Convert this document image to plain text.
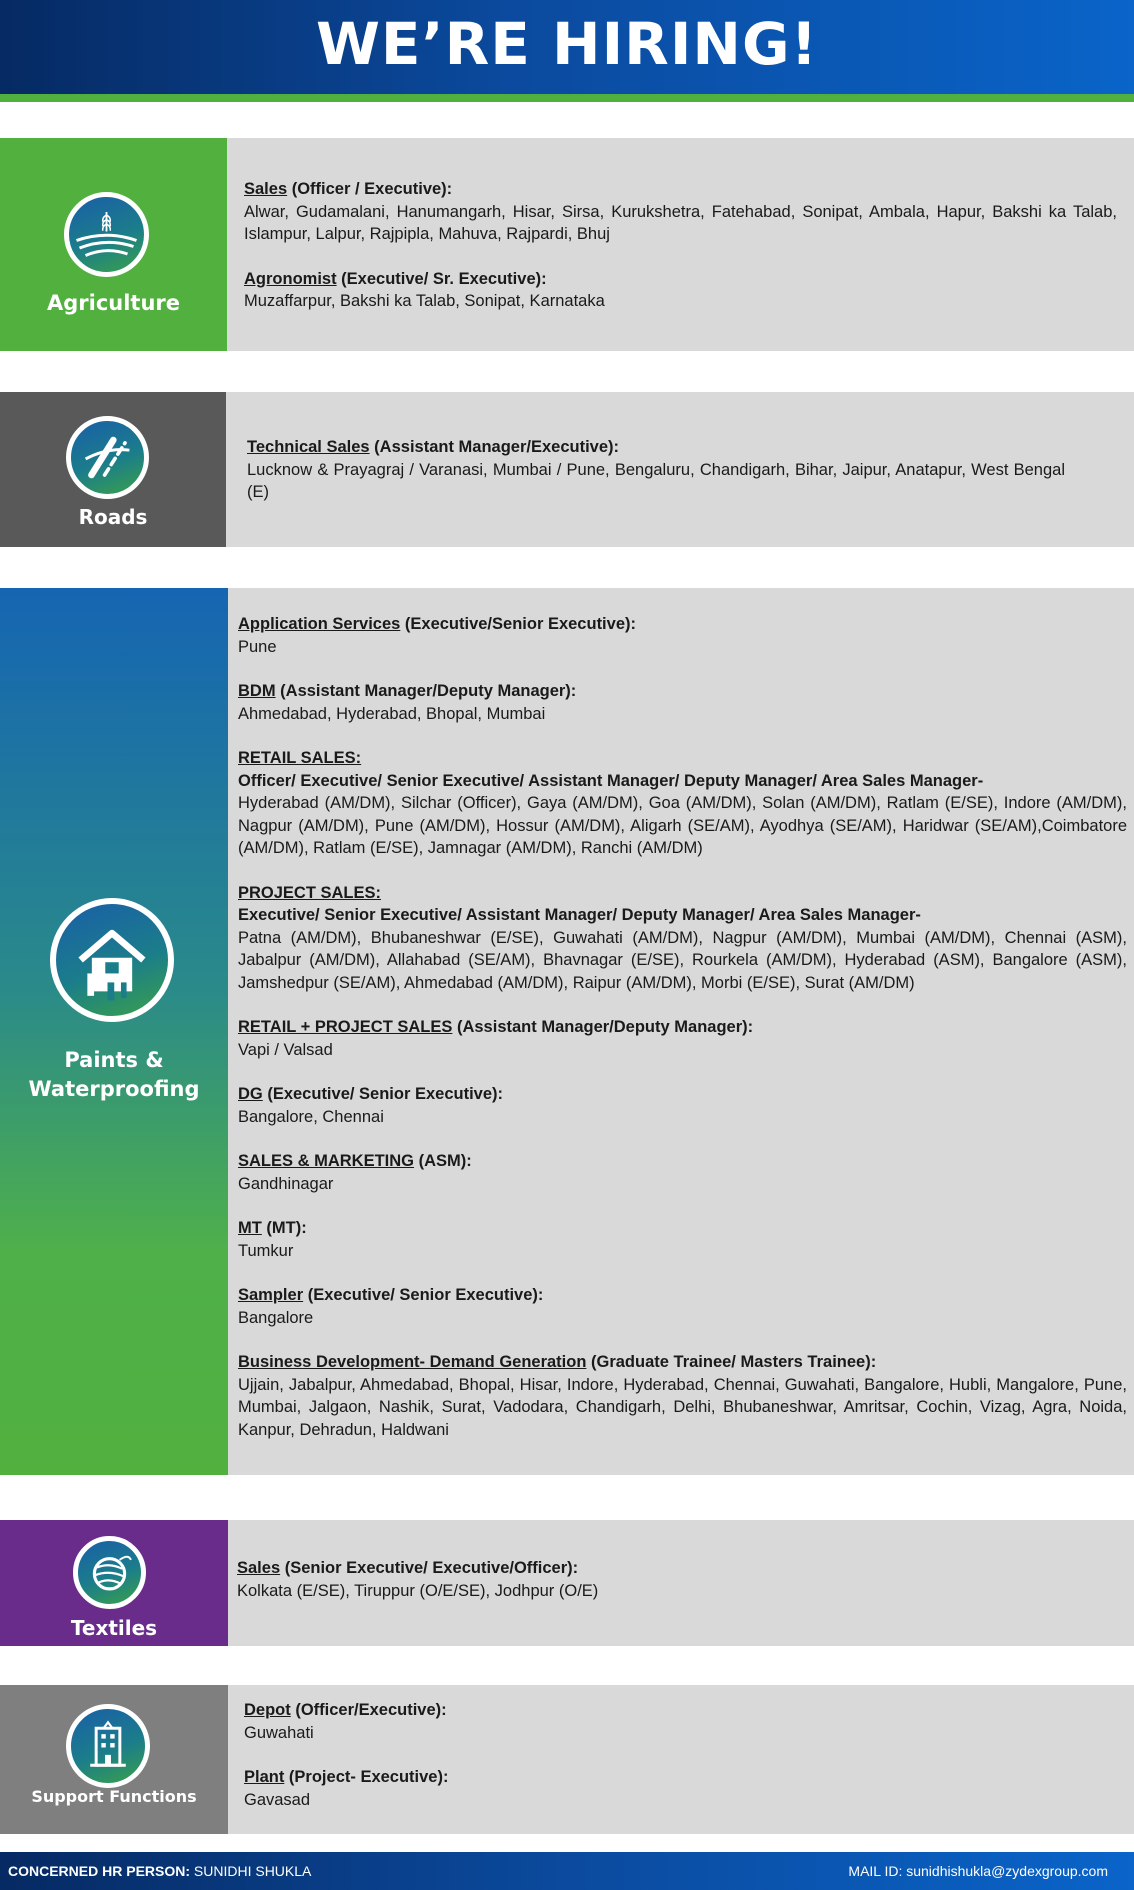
WE’RE HIRING!
Agriculture
Sales (Officer / Executive):
Alwar, Gudamalani, Hanumangarh, Hisar, Sirsa, Kurukshetra, Fatehabad, Sonipat, Ambala, Hapur, Bakshi ka Talab, Islampur, Lalpur, Rajpipla, Mahuva, Rajpardi, Bhuj
Agronomist (Executive/ Sr. Executive):
Muzaffarpur, Bakshi ka Talab, Sonipat, Karnataka
Roads
Technical Sales (Assistant Manager/Executive):
Lucknow & Prayagraj / Varanasi, Mumbai / Pune, Bengaluru, Chandigarh, Bihar, Jaipur, Anatapur, West Bengal (E)
Paints &
Waterproofing
Application Services (Executive/Senior Executive):
Pune
BDM (Assistant Manager/Deputy Manager):
Ahmedabad, Hyderabad, Bhopal, Mumbai
RETAIL SALES:
Officer/ Executive/ Senior Executive/ Assistant Manager/ Deputy Manager/ Area Sales Manager-
Hyderabad (AM/DM), Silchar (Officer), Gaya (AM/DM), Goa (AM/DM), Solan (AM/DM), Ratlam (E/SE), Indore (AM/DM), Nagpur (AM/DM), Pune (AM/DM), Hossur (AM/DM), Aligarh (SE/AM), Ayodhya (SE/AM), Haridwar (SE/AM),Coimbatore (AM/DM), Ratlam (E/SE), Jamnagar (AM/DM), Ranchi (AM/DM)
PROJECT SALES:
Executive/ Senior Executive/ Assistant Manager/ Deputy Manager/ Area Sales Manager-
Patna (AM/DM), Bhubaneshwar (E/SE), Guwahati (AM/DM), Nagpur (AM/DM), Mumbai (AM/DM), Chennai (ASM), Jabalpur (AM/DM), Allahabad (SE/AM), Bhavnagar (E/SE), Rourkela (AM/DM), Hyderabad (ASM), Bangalore (ASM), Jamshedpur (SE/AM), Ahmedabad (AM/DM), Raipur (AM/DM), Morbi (E/SE), Surat (AM/DM)
RETAIL + PROJECT SALES (Assistant Manager/Deputy Manager):
Vapi / Valsad
DG (Executive/ Senior Executive):
Bangalore, Chennai
SALES & MARKETING (ASM):
Gandhinagar
MT (MT):
Tumkur
Sampler (Executive/ Senior Executive):
Bangalore
Business Development- Demand Generation (Graduate Trainee/ Masters Trainee):
Ujjain, Jabalpur, Ahmedabad, Bhopal, Hisar, Indore, Hyderabad, Chennai, Guwahati, Bangalore, Hubli, Mangalore, Pune, Mumbai, Jalgaon, Nashik, Surat, Vadodara, Chandigarh, Delhi, Bhubaneshwar, Amritsar, Cochin, Vizag, Agra, Noida, Kanpur, Dehradun, Haldwani
Textiles
Sales (Senior Executive/ Executive/Officer):
Kolkata (E/SE), Tiruppur (O/E/SE), Jodhpur (O/E)
Support Functions
Depot (Officer/Executive):
Guwahati
Plant (Project- Executive):
Gavasad
CONCERNED HR PERSON: SUNIDHI SHUKLA	MAIL ID: sunidhishukla@zydexgroup.com
